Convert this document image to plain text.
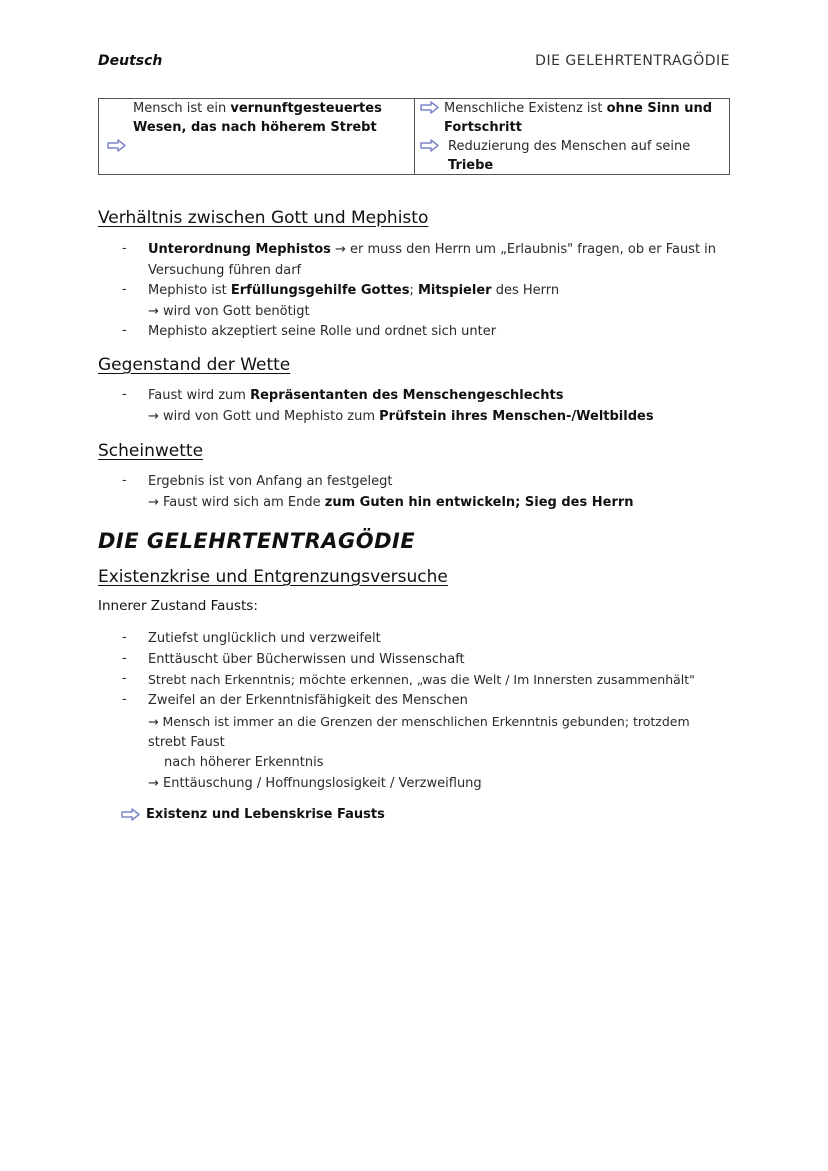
Deutsch	DIE GELEHRTENTRAGÖDIE
Mensch ist ein vernunftgesteuertes
Wesen, das nach höherem Strebt
Menschliche Existenz ist ohne Sinn und
Fortschritt
Reduzierung des Menschen auf seine
Triebe
Verhältnis zwischen Gott und Mephisto
- Unterordnung Mephistos → er muss den Herrn um „Erlaubnis" fragen, ob er Faust in
Versuchung führen darf
- Mephisto ist Erfüllungsgehilfe Gottes; Mitspieler des Herrn
→ wird von Gott benötigt
- Mephisto akzeptiert seine Rolle und ordnet sich unter
Gegenstand der Wette
- Faust wird zum Repräsentanten des Menschengeschlechts
→ wird von Gott und Mephisto zum Prüfstein ihres Menschen-/Weltbildes
Scheinwette
- Ergebnis ist von Anfang an festgelegt
→ Faust wird sich am Ende zum Guten hin entwickeln; Sieg des Herrn
DIE GELEHRTENTRAGÖDIE
Existenzkrise und Entgrenzungsversuche
Innerer Zustand Fausts:
- Zutiefst unglücklich und verzweifelt
- Enttäuscht über Bücherwissen und Wissenschaft
- Strebt nach Erkenntnis; möchte erkennen, „was die Welt / Im Innersten zusammenhält"
- Zweifel an der Erkenntnisfähigkeit des Menschen
→ Mensch ist immer an die Grenzen der menschlichen Erkenntnis gebunden; trotzdem
strebt Faust
nach höherer Erkenntnis
→ Enttäuschung / Hoffnungslosigkeit / Verzweiflung
Existenz und Lebenskrise Fausts
